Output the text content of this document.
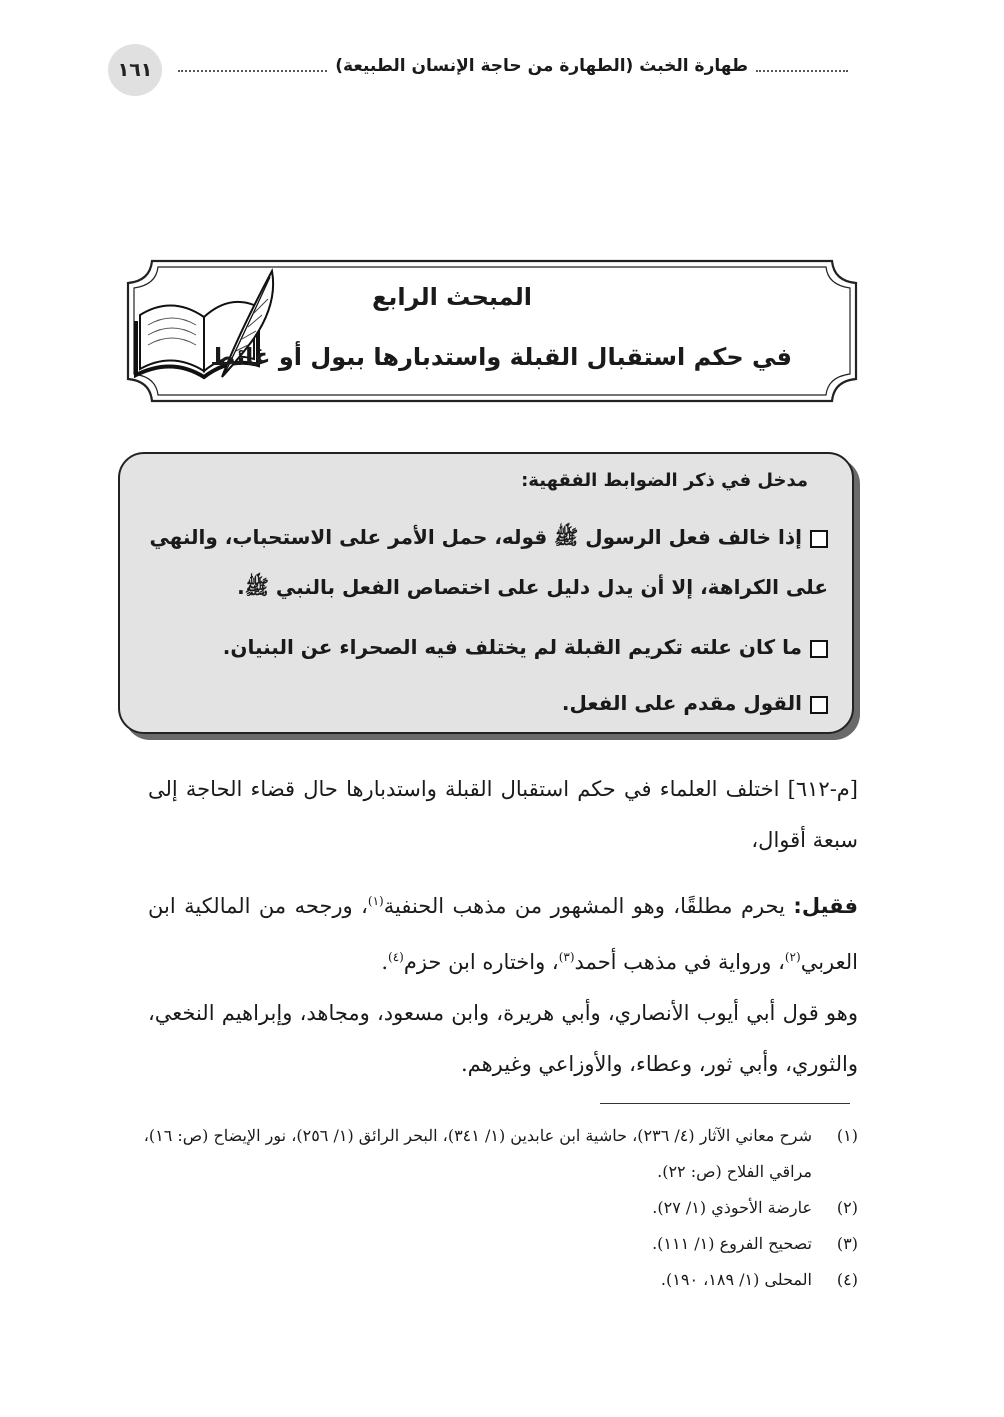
١٦١	طهارة الخبث (الطهارة من حاجة الإنسان الطبيعة)
المبحث الرابع
في حكم استقبال القبلة واستدبارها ببول أو غائط
مدخل في ذكر الضوابط الفقهية:
إذا خالف فعل الرسول ﷺ قوله، حمل الأمر على الاستحباب، والنهي على الكراهة، إلا أن يدل دليل على اختصاص الفعل بالنبي ﷺ.
ما كان علته تكريم القبلة لم يختلف فيه الصحراء عن البنيان.
القول مقدم على الفعل.

[م-٦١٢] اختلف العلماء في حكم استقبال القبلة واستدبارها حال قضاء الحاجة إلى سبعة أقوال،

فقيل: يحرم مطلقًا، وهو المشهور من مذهب الحنفية$^{(١)}$، ورجحه من المالكية ابن العربي$^{(٢)}$، ورواية في مذهب أحمد$^{(٣)}$، واختاره ابن حزم$^{(٤)}$.

وهو قول أبي أيوب الأنصاري، وأبي هريرة، وابن مسعود، ومجاهد، وإبراهيم النخعي، والثوري، وأبي ثور، وعطاء، والأوزاعي وغيرهم.

(١)
شرح معاني الآثار (٤/ ٢٣٦)، حاشية ابن عابدين (١/ ٣٤١)، البحر الرائق (١/ ٢٥٦)، نور الإيضاح (ص: ١٦)، مراقي الفلاح (ص: ٢٢).
(٢)
عارضة الأحوذي (١/ ٢٧).
(٣)
تصحيح الفروع (١/ ١١١).
(٤)
المحلى (١/ ١٨٩، ١٩٠).
